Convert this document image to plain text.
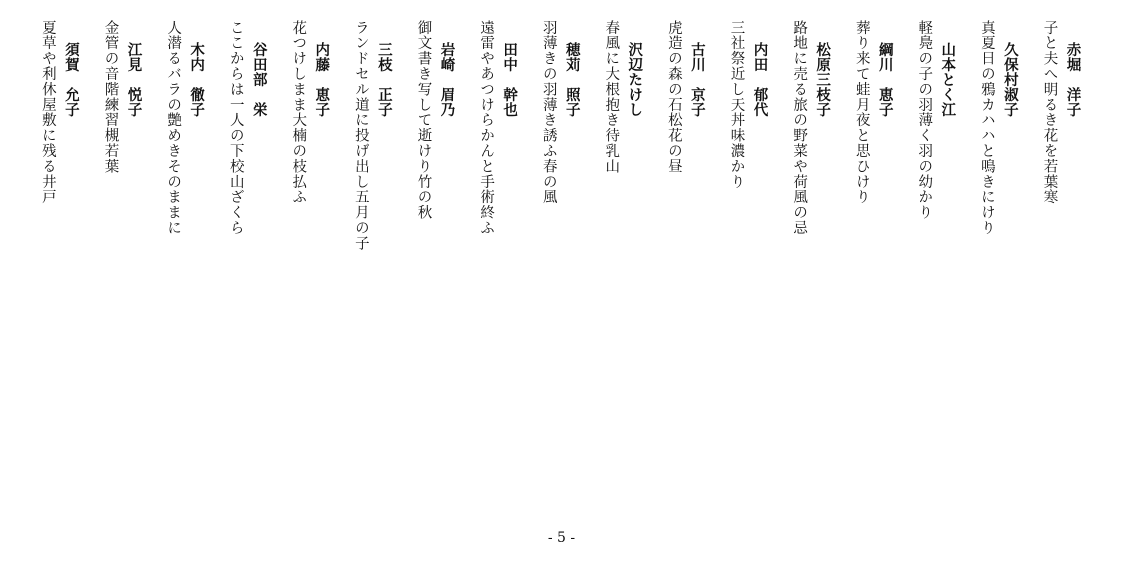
赤堀　洋子
子と夫へ明るき花を若葉寒
久保村淑子
真夏日の鴉カハハと鳴きにけり
山本とく江
軽鳧の子の羽薄く羽の幼かり
綱川　恵子
葬り来て蛙月夜と思ひけり
松原三枝子
路地に売る旅の野菜や荷風の忌
内田　郁代
三社祭近し天丼味濃かり
古川　京子
虎造の森の石松花の昼
沢辺たけし
春風に大根抱き待乳山
穂苅　照子
羽薄きの羽薄き誘ふ春の風
田中　幹也
遠雷やあつけらかんと手術終ふ
岩崎　眉乃
御文書き写して逝けり竹の秋
三枝　正子
ランドセル道に投げ出し五月の子
内藤　恵子
花つけしまま大楠の枝払ふ
谷田部　栄
ここからは一人の下校山ざくら
木内　徹子
人潜るバラの艶めきそのままに
江見　悦子
金管の音階練習槻若葉
須賀　允子
夏草や利休屋敷に残る井戸
- 5 -
